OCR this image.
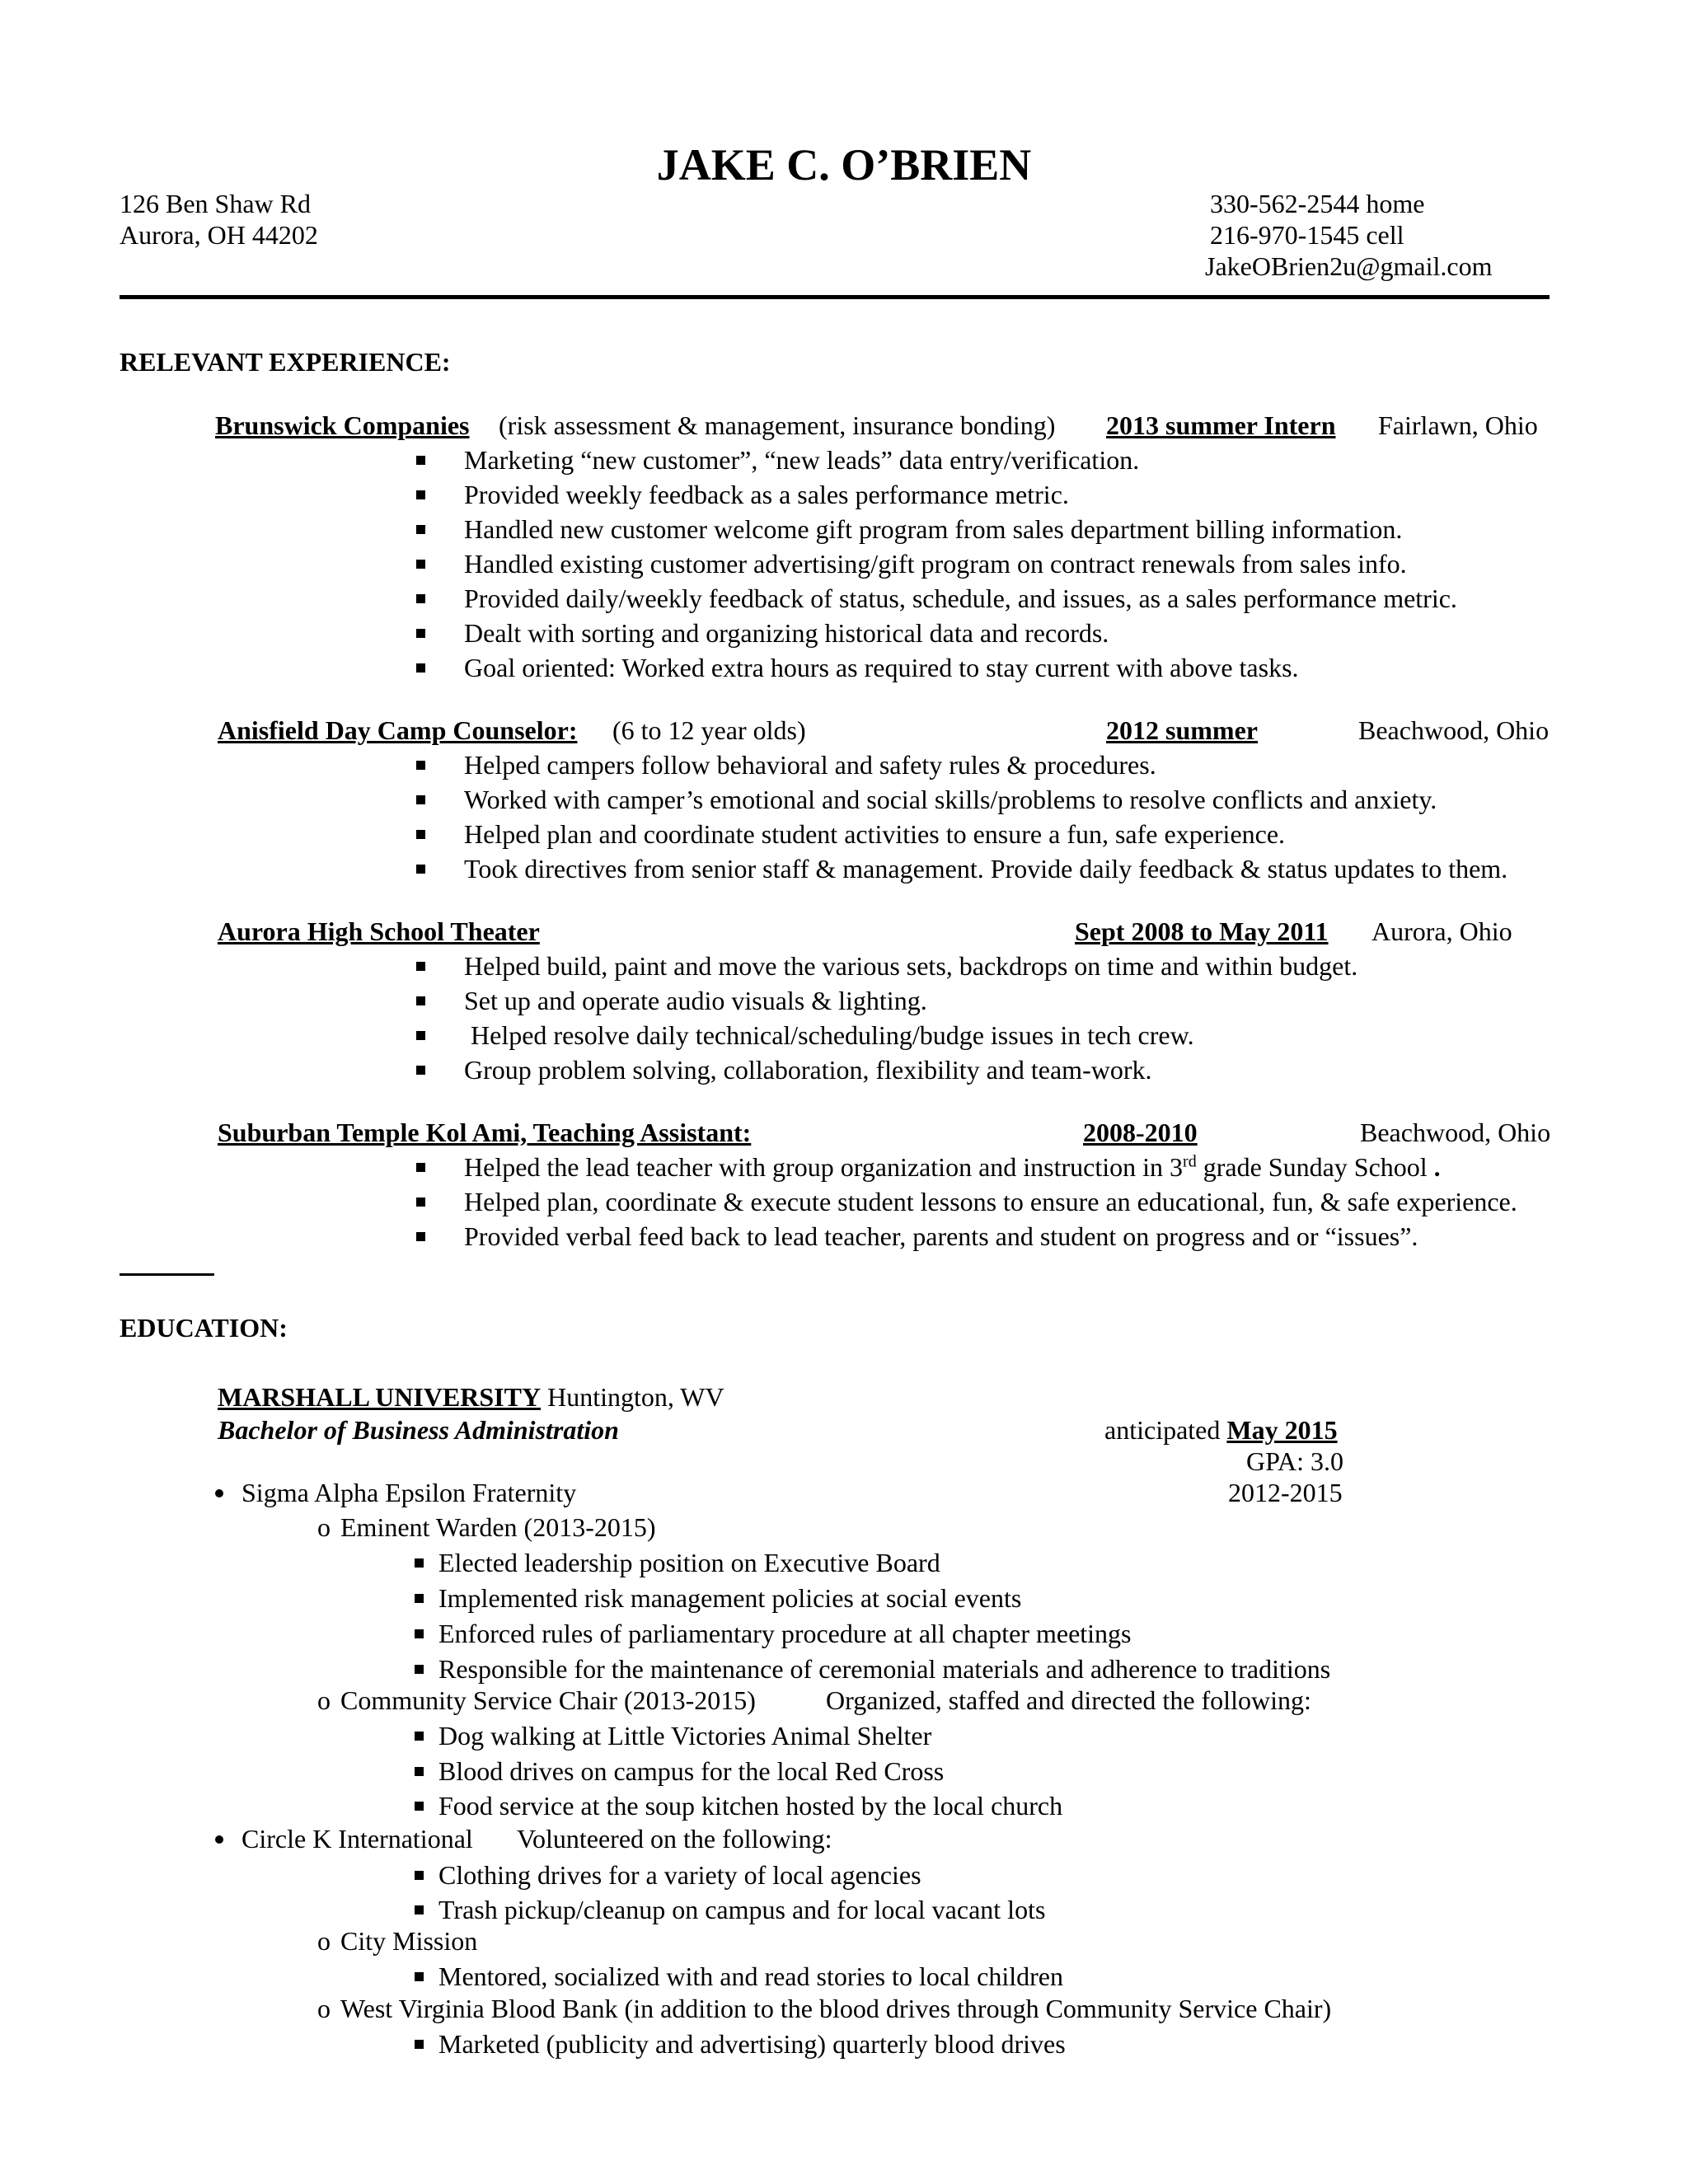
JAKE C. O’BRIEN
126 Ben Shaw Rd
Aurora, OH 44202
330-562-2544 home
216-970-1545 cell
JakeOBrien2u@gmail.com
RELEVANT EXPERIENCE:
Brunswick Companies (risk assessment & management, insurance bonding) 2013 summer Intern Fairlawn, Ohio
Marketing “new customer”, “new leads” data entry/verification.
Provided weekly feedback as a sales performance metric.
Handled new customer welcome gift program from sales department billing information.
Handled existing customer advertising/gift program on contract renewals from sales info.
Provided daily/weekly feedback of status, schedule, and issues, as a sales performance metric.
Dealt with sorting and organizing historical data and records.
Goal oriented: Worked extra hours as required to stay current with above tasks.
Anisfield Day Camp Counselor: (6 to 12 year olds)	2012 summer	Beachwood, Ohio
Helped campers follow behavioral and safety rules & procedures.
Worked with camper’s emotional and social skills/problems to resolve conflicts and anxiety.
Helped plan and coordinate student activities to ensure a fun, safe experience.
Took directives from senior staff & management. Provide daily feedback & status updates to them.
Aurora High School Theater	Sept 2008 to May 2011 Aurora, Ohio
Helped build, paint and move the various sets, backdrops on time and within budget.
Set up and operate audio visuals & lighting.
Helped resolve daily technical/scheduling/budge issues in tech crew.
Group problem solving, collaboration, flexibility and team-work.
Suburban Temple Kol Ami, Teaching Assistant:	2008-2010	Beachwood, Ohio
Helped the lead teacher with group organization and instruction in 3rd grade Sunday School .
Helped plan, coordinate & execute student lessons to ensure an educational, fun, & safe experience.
Provided verbal feed back to lead teacher, parents and student on progress and or “issues”.
EDUCATION:
MARSHALL UNIVERSITY Huntington, WV
Bachelor of Business Administration	anticipated May 2015
GPA: 3.0
Sigma Alpha Epsilon Fraternity	2012-2015
o Eminent Warden (2013-2015)
Elected leadership position on Executive Board
Implemented risk management policies at social events
Enforced rules of parliamentary procedure at all chapter meetings
Responsible for the maintenance of ceremonial materials and adherence to traditions
o Community Service Chair (2013-2015)	Organized, staffed and directed the following:
Dog walking at Little Victories Animal Shelter
Blood drives on campus for the local Red Cross
Food service at the soup kitchen hosted by the local church
Circle K International Volunteered on the following:
Clothing drives for a variety of local agencies
Trash pickup/cleanup on campus and for local vacant lots
o City Mission
Mentored, socialized with and read stories to local children
o West Virginia Blood Bank (in addition to the blood drives through Community Service Chair)
Marketed (publicity and advertising) quarterly blood drives
